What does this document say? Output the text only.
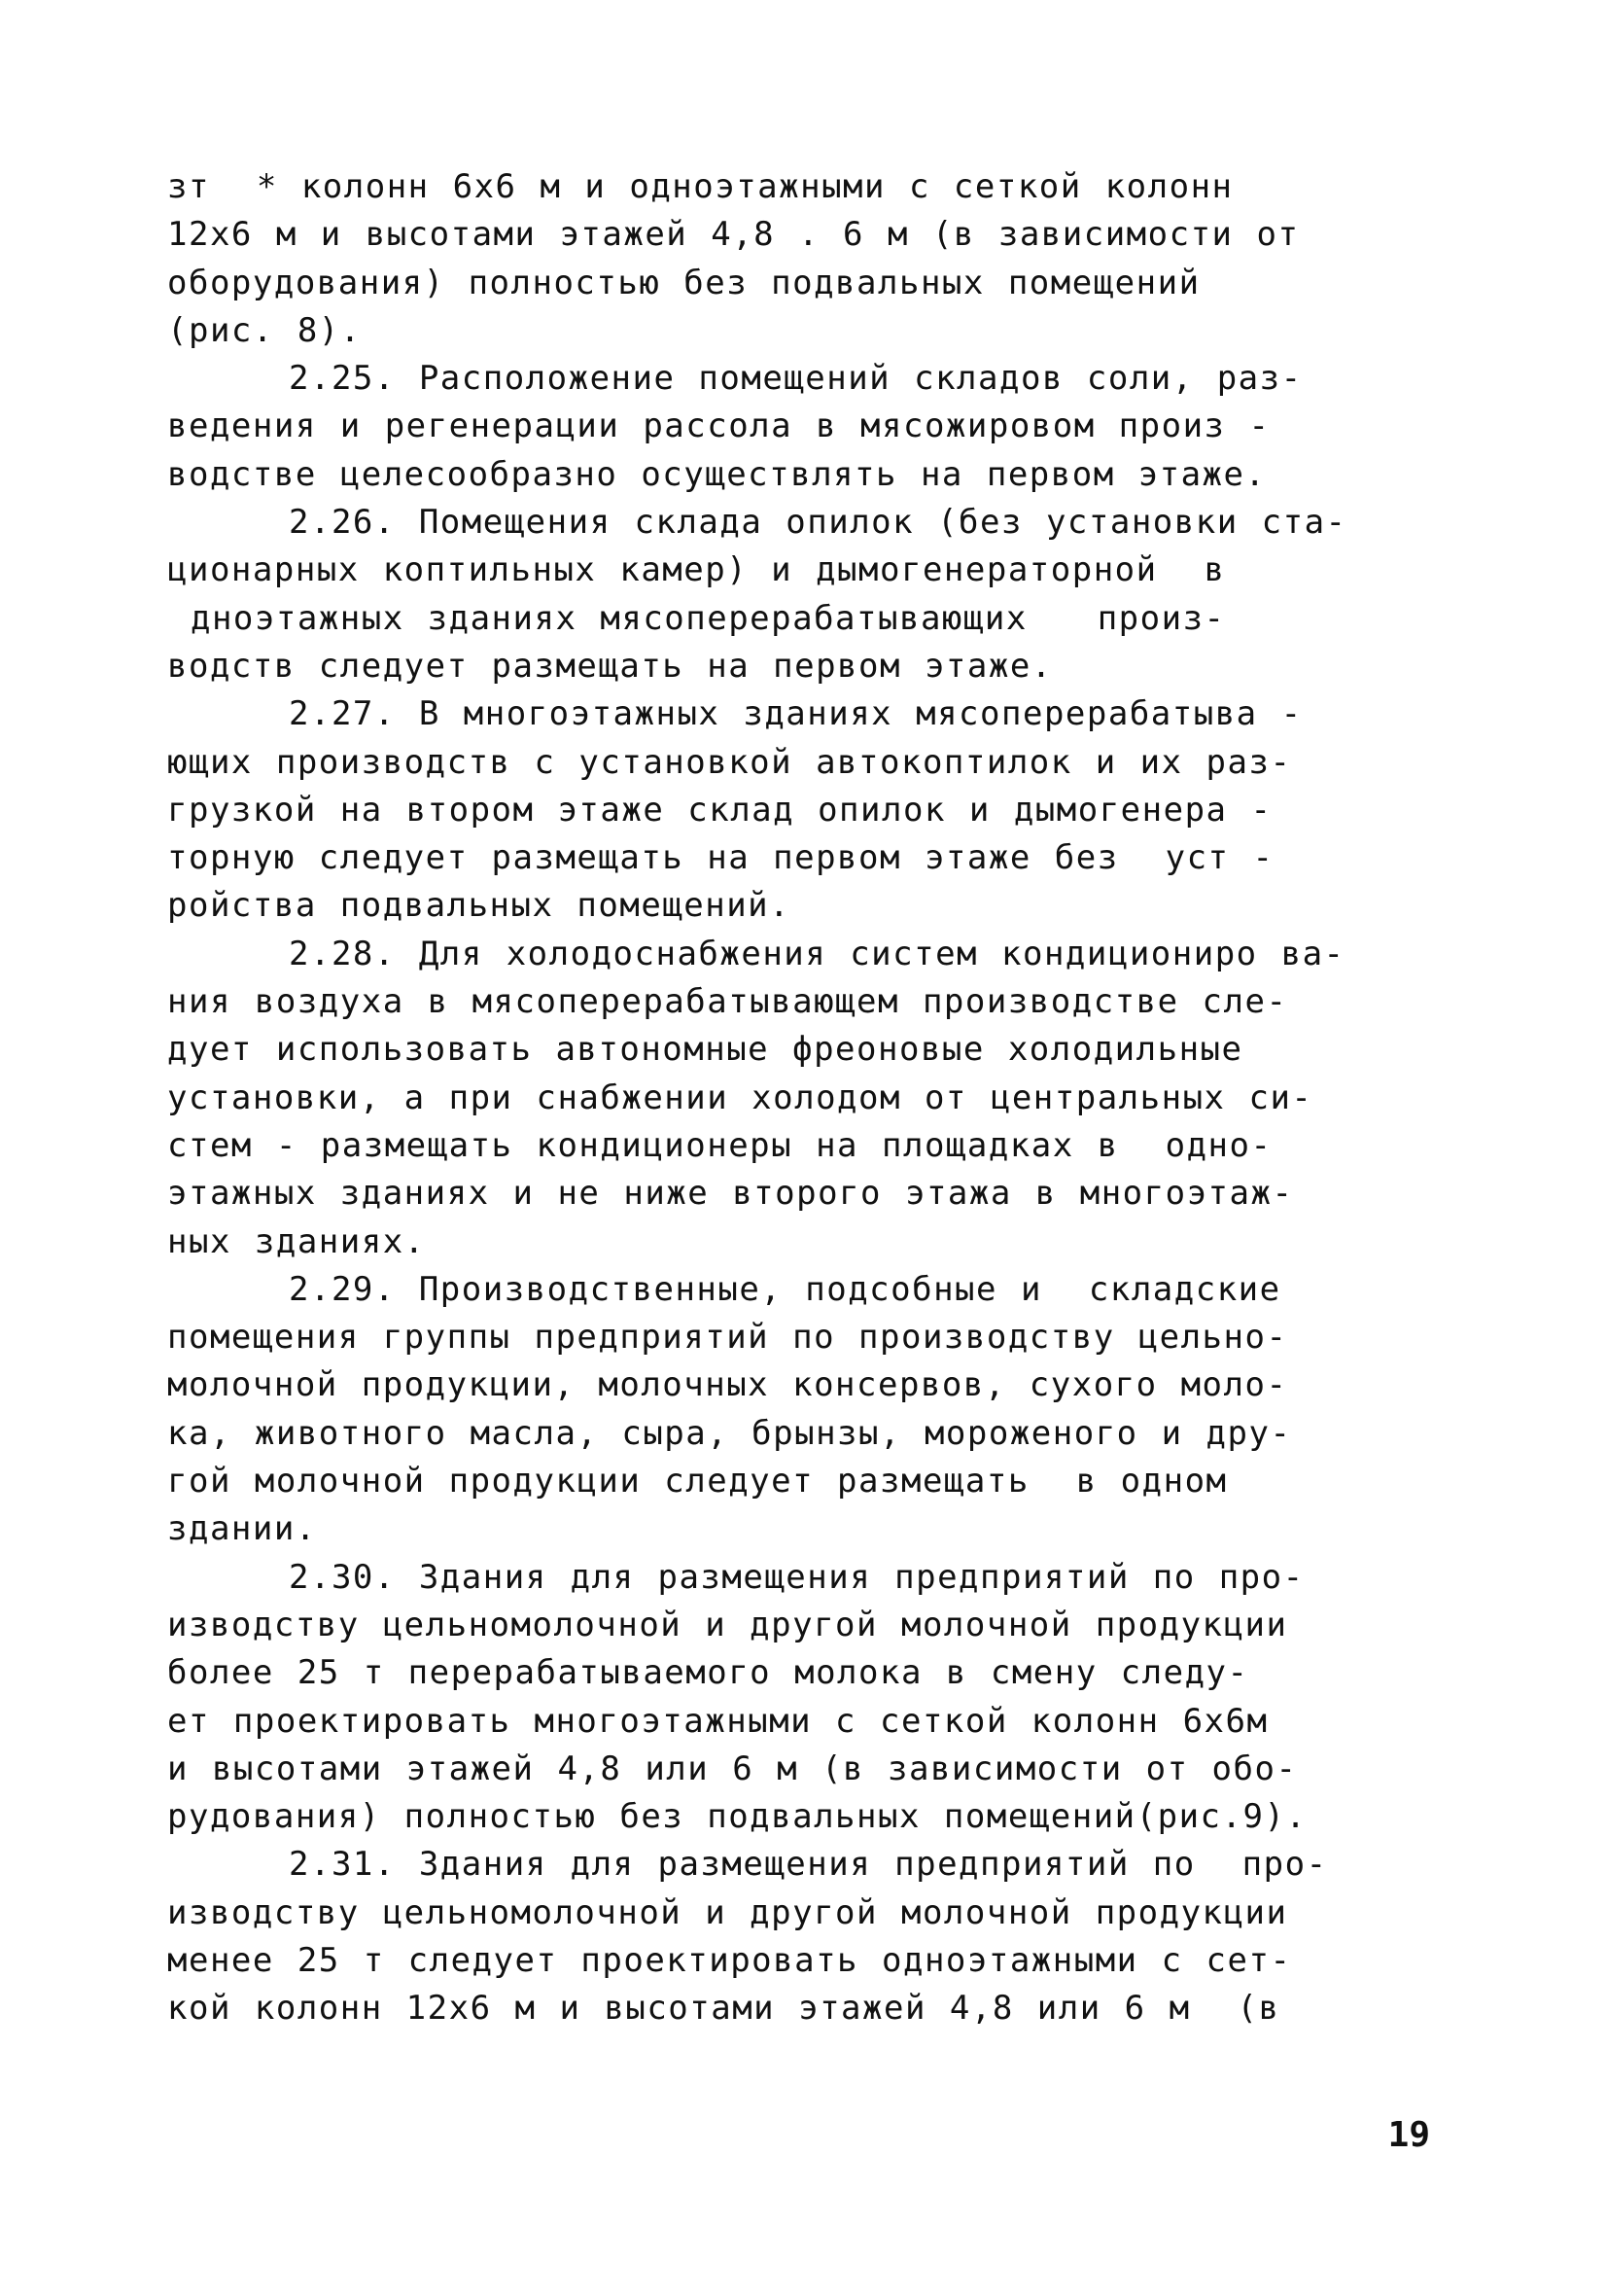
зт  * колонн 6х6 м и одноэтажными с сеткой колонн
12х6 м и высотами этажей 4,8 . 6 м (в зависимости от
оборудования) полностью без подвальных помещений
(рис. 8).
2.25. Расположение помещений складов соли, раз-
ведения и регенерации рассола в мясожировом произ -
водстве целесообразно осуществлять на первом этаже.
2.26. Помещения склада опилок (без установки ста-
ционарных коптильных камер) и дымогенераторной  в
дноэтажных зданиях мясоперерабатывающих   произ-
водств следует размещать на первом этаже.
2.27. В многоэтажных зданиях мясоперерабатыва -
ющих производств с установкой автокоптилок и их раз-
грузкой на втором этаже склад опилок и дымогенера -
торную следует размещать на первом этаже без  уст -
ройства подвальных помещений.
2.28. Для холодоснабжения систем кондициониро ва-
ния воздуха в мясоперерабатывающем производстве сле-
дует использовать автономные фреоновые холодильные
установки, а при снабжении холодом от центральных си-
стем - размещать кондиционеры на площадках в  одно-
этажных зданиях и не ниже второго этажа в многоэтаж-
ных зданиях.
2.29. Производственные, подсобные и  складские
помещения группы предприятий по производству цельно-
молочной продукции, молочных консервов, сухого моло-
ка, животного масла, сыра, брынзы, мороженого и дру-
гой молочной продукции следует размещать  в одном
здании.
2.30. Здания для размещения предприятий по про-
изводству цельномолочной и другой молочной продукции
более 25 т перерабатываемого молока в смену следу-
ет проектировать многоэтажными с сеткой колонн 6х6м
и высотами этажей 4,8 или 6 м (в зависимости от обо-
рудования) полностью без подвальных помещений(рис.9).
2.31. Здания для размещения предприятий по  про-
изводству цельномолочной и другой молочной продукции
менее 25 т следует проектировать одноэтажными с сет-
кой колонн 12х6 м и высотами этажей 4,8 или 6 м  (в
19
